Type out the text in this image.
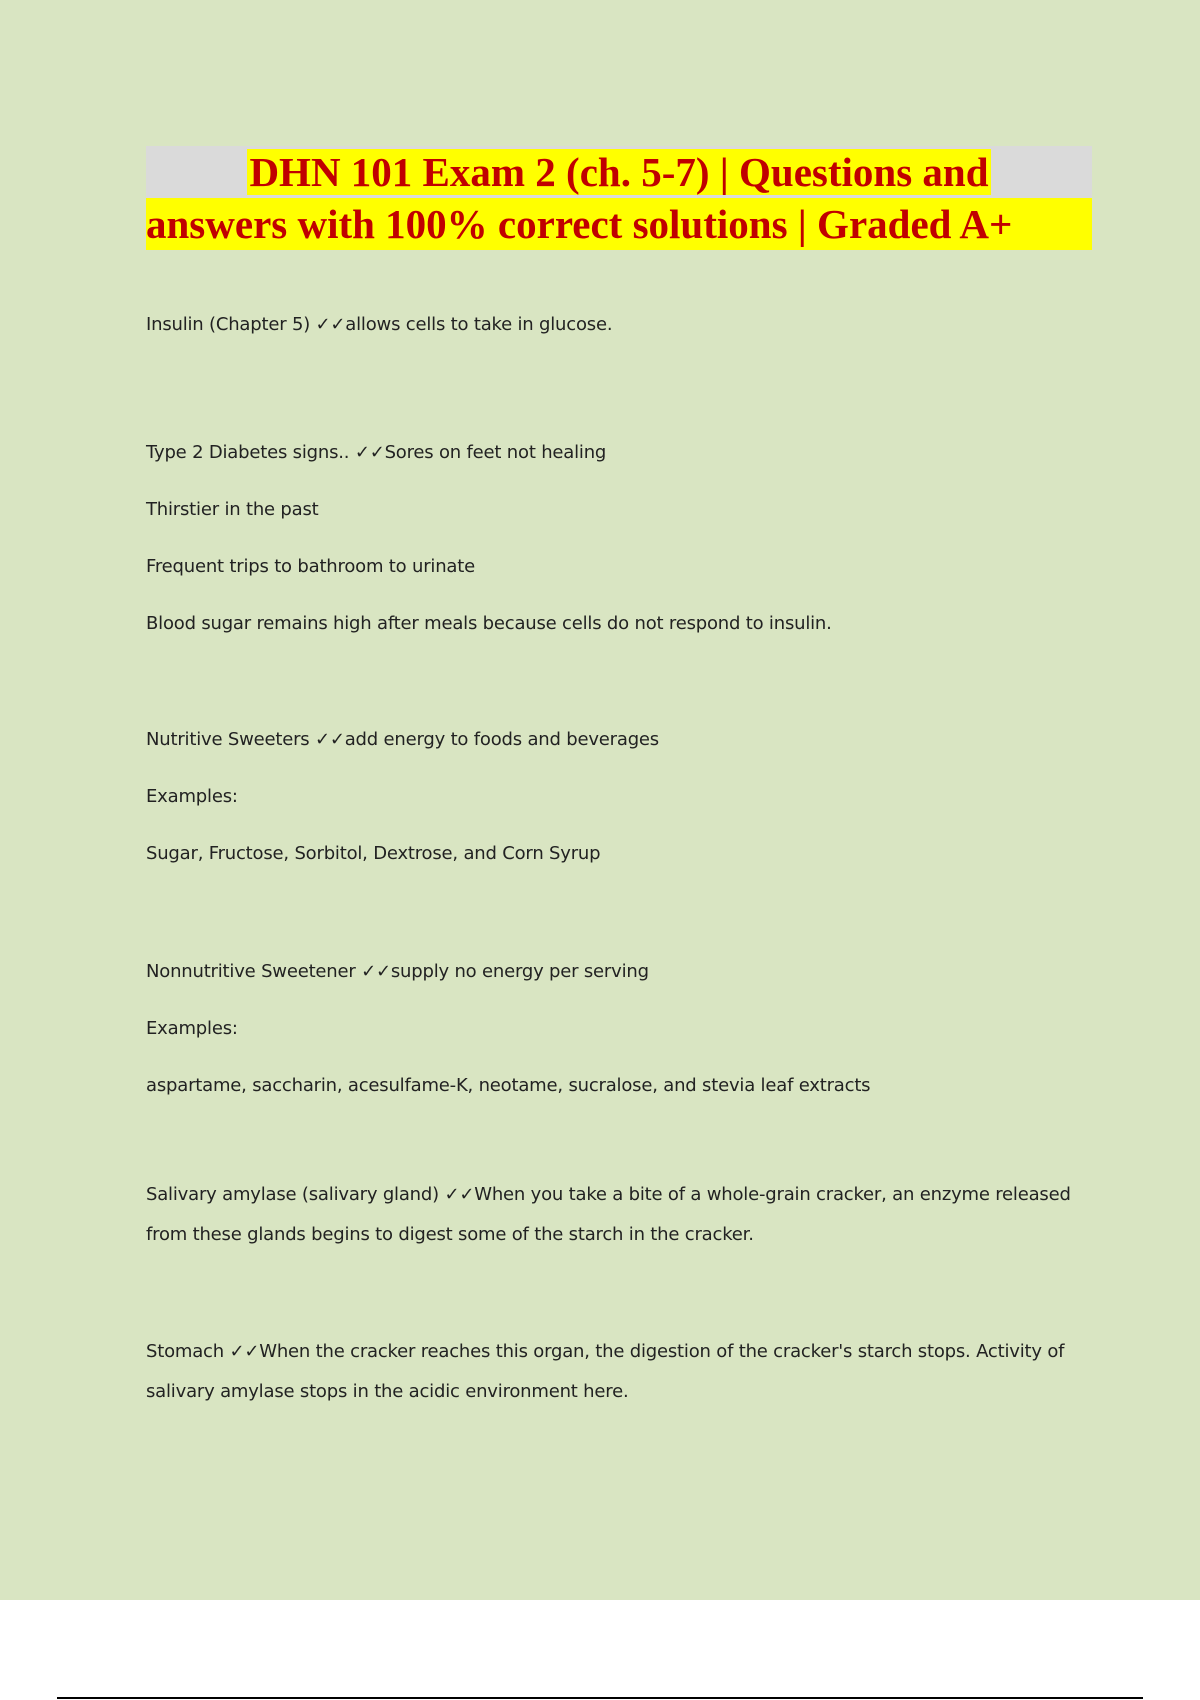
DHN 101 Exam 2 (ch. 5-7) | Questions and
answers with 100% correct solutions | Graded A+
Insulin (Chapter 5) ✓✓allows cells to take in glucose.
Type 2 Diabetes signs.. ✓✓Sores on feet not healing
Thirstier in the past
Frequent trips to bathroom to urinate
Blood sugar remains high after meals because cells do not respond to insulin.
Nutritive Sweeters ✓✓add energy to foods and beverages
Examples:
Sugar, Fructose, Sorbitol, Dextrose, and Corn Syrup
Nonnutritive Sweetener ✓✓supply no energy per serving
Examples:
aspartame, saccharin, acesulfame-K, neotame, sucralose, and stevia leaf extracts
Salivary amylase (salivary gland) ✓✓When you take a bite of a whole-grain cracker, an enzyme released
from these glands begins to digest some of the starch in the cracker.
Stomach ✓✓When the cracker reaches this organ, the digestion of the cracker's starch stops. Activity of
salivary amylase stops in the acidic environment here.
